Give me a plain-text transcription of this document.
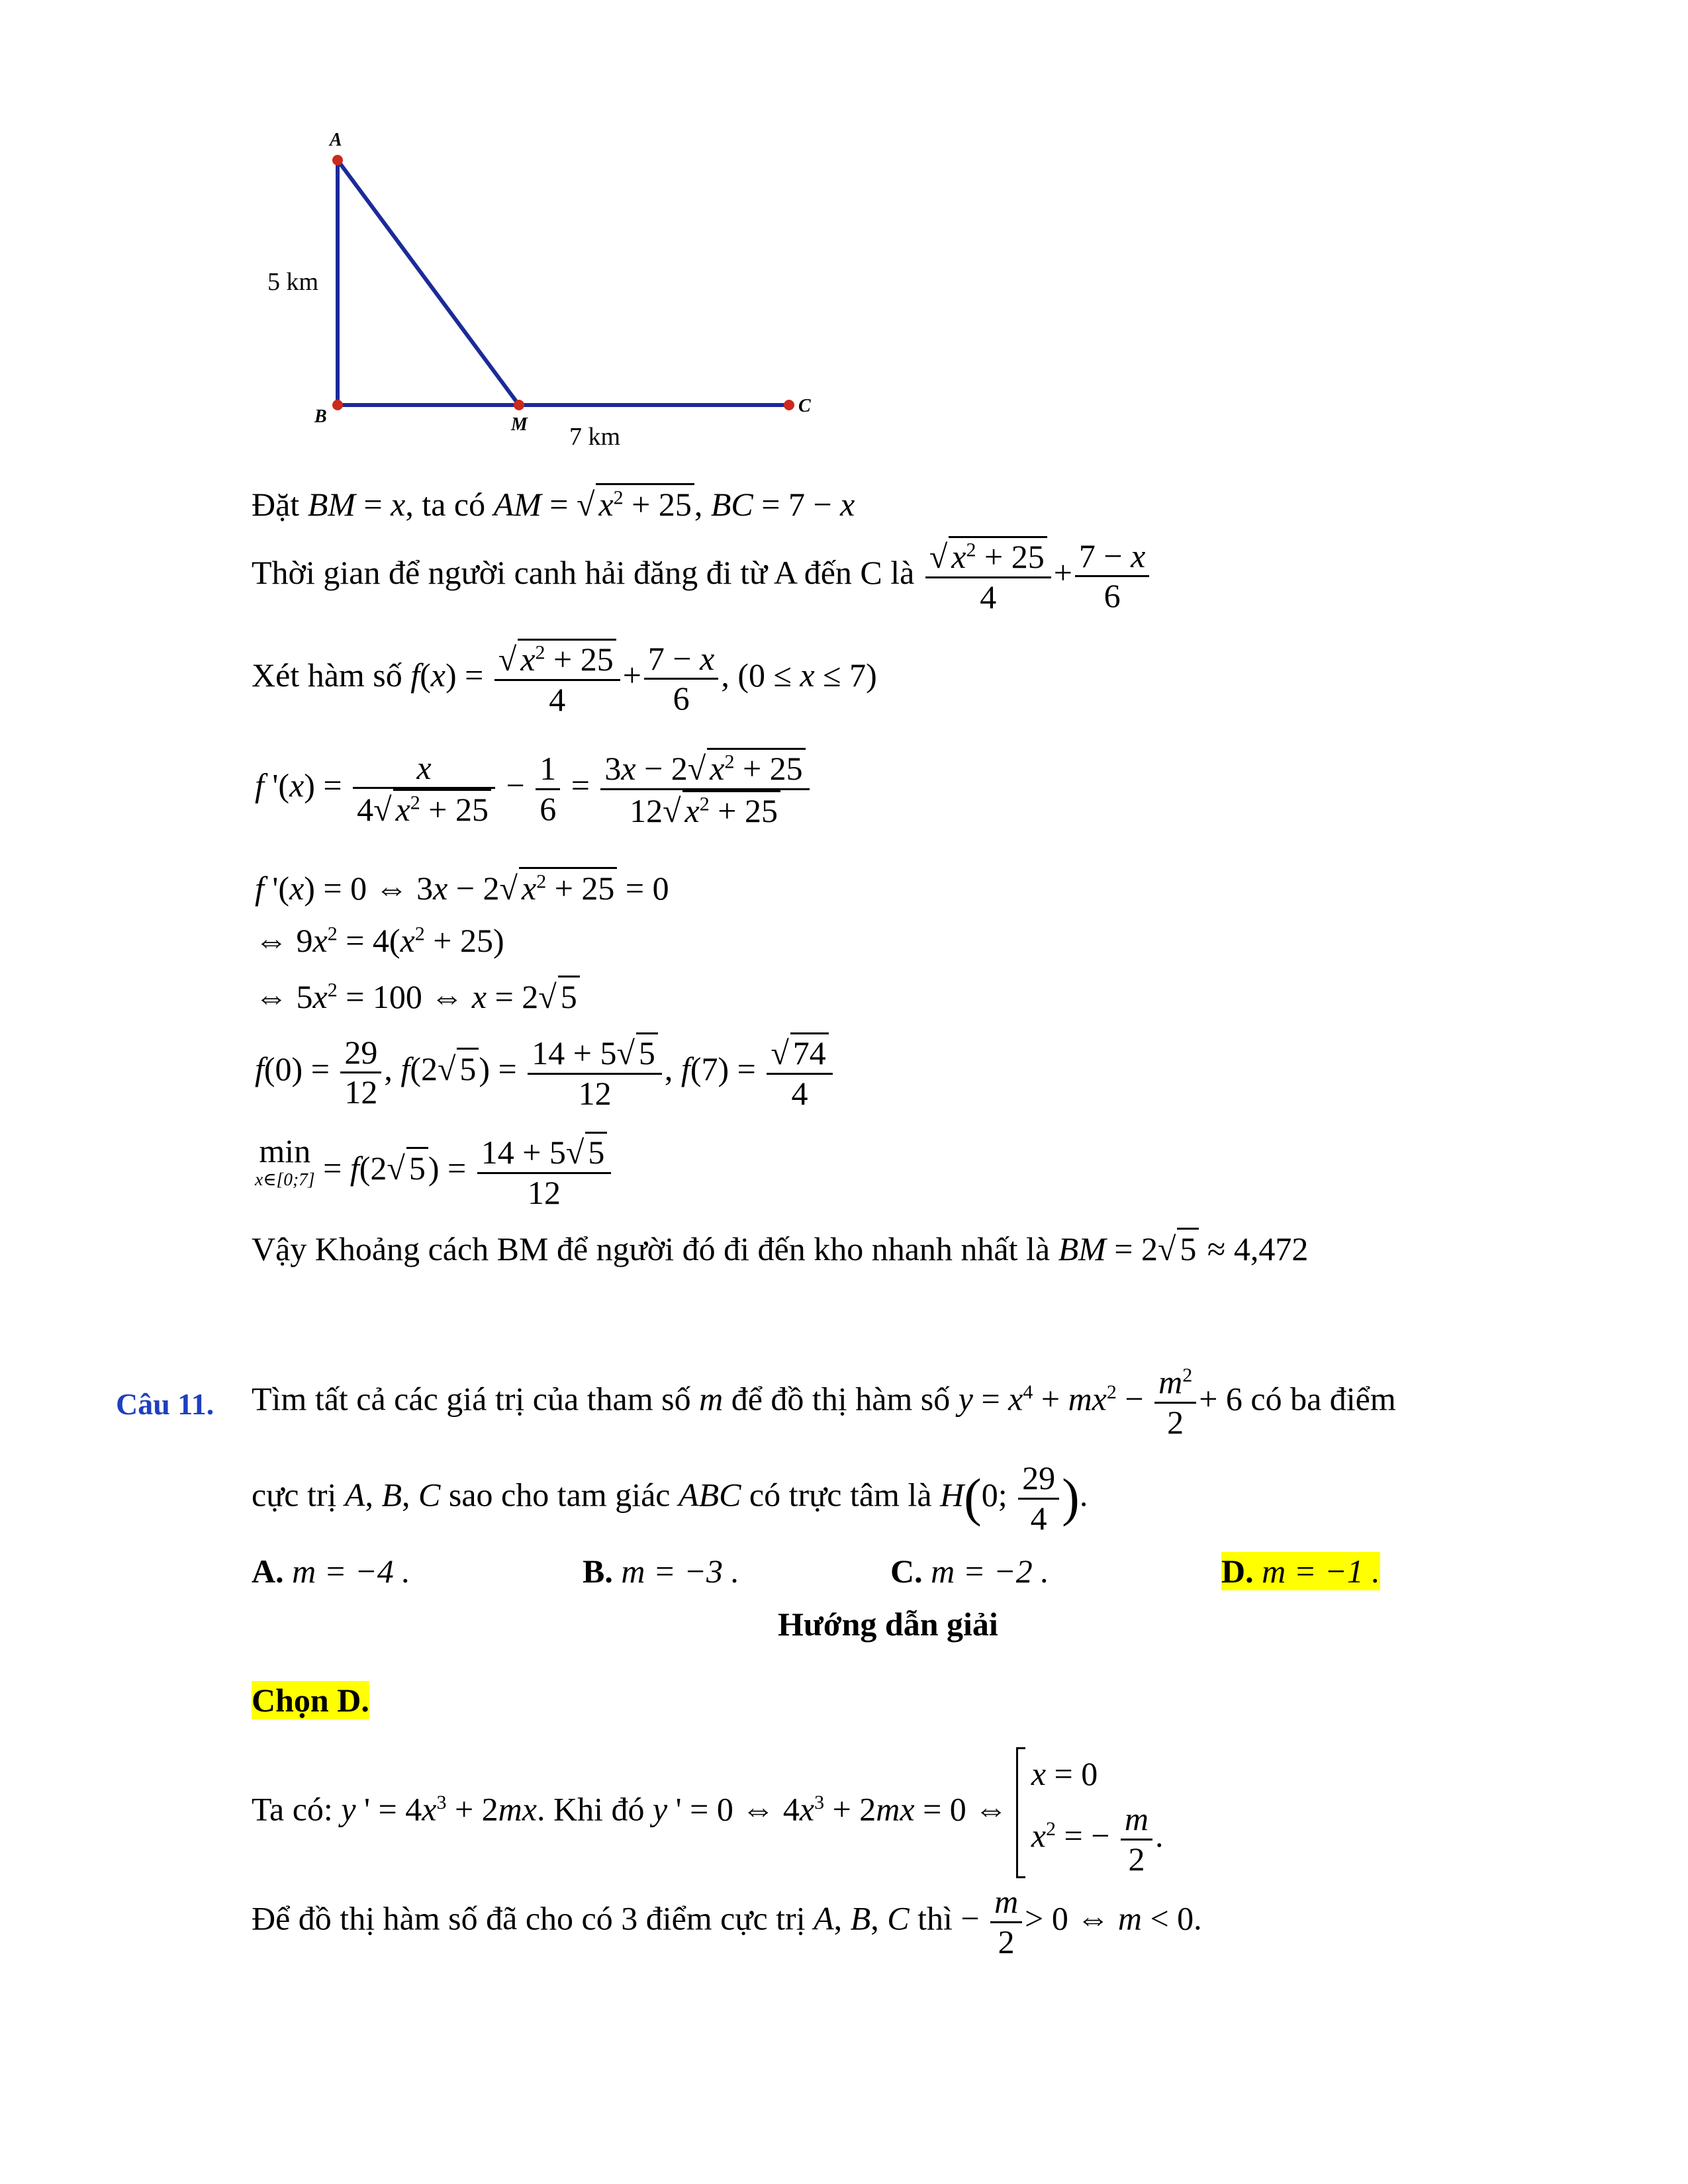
A
B	M
C
5 km
7 km
Đặt BM = x, ta có AM = √ $x^2 + 25$, BC = 7 − x
Thời gian để người canh hải đăng đi từ A đến C là $\frac{√ x^2 + 25}{4} + \frac{7 - x}{6}$
Xét hàm số $f(x) = \frac{√ x^2 + 25}{4} + \frac{7 - x}{6}$ , (0 ≤ x ≤ 7)
f '$(x) = \frac{x}{4√ x^2 + 25} - \frac{1}{6} = \frac{3x - 2√ x^2 + 25}{12√ x^2 + 25}$
f '(x) = 0 ⇔ 3x − 2√ $x^2 + 25 = 0$
⇔ $9x^2 = 4(x^2 + 25)$
⇔ $5x^2 = 100$ ⇔ x = 2√ 5
$f(0) = \frac{29}{12}$ , f(2√ $5) = \frac{14 + 5√ 5}{12}$ , $f(7) = \frac{√ 74}{4}$
min
x∈[0;7] = f(2√ $5) = \frac{14 + 5√ 5}{12}$
Vậy Khoảng cách BM để người đó đi đến kho nhanh nhất là BM = 2√ 5 ≈ 4,472
Câu 11. Tìm tất cả các giá trị của tham số m để đồ thị hàm số $y = x^4 + mx^2 - \frac{m^2}{2} + 6$ có ba điểm
cực trị A, B, C sao cho tam giác ABC có trực tâm là H(0; $\frac{29}{4}$ ).
A. m = −4 .	B. m = −3 .	C. m = −2 .	D. m = −1 .
Hướng dẫn giải
Chọn D.
Ta có: y ' = $4x^3 + 2mx$. Khi đó y ' = 0 ⇔ $4x^3 + 2mx = 0$ ⇔
x = 0
$x^2$ = − $\frac{m}{2}$ .
Để đồ thị hàm số đã cho có 3 điểm cực trị A, B, C thì − $\frac{m}{2} > 0$ ⇔ m < 0.
